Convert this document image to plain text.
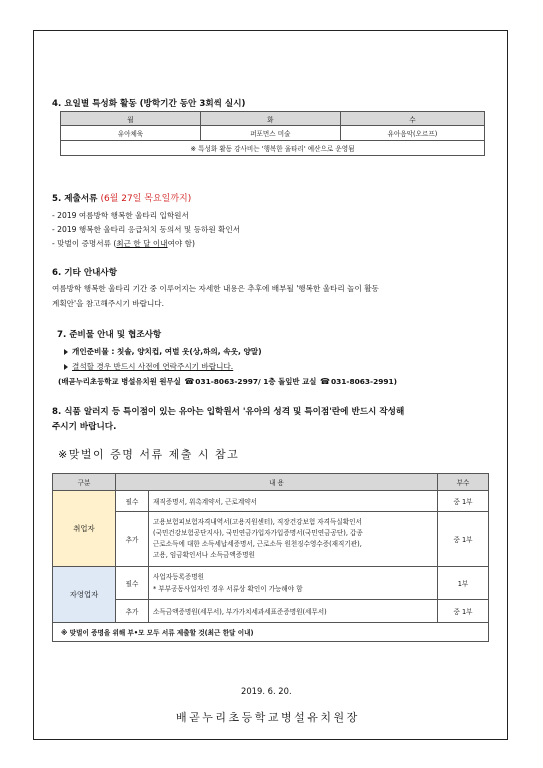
4. 요일별 특성화 활동 (방학기간 동안 3회씩 실시)
월	화	수
유아체육	퍼포먼스 미술	유아음악(오르프)
※ 특성화 활동 강사비는 '행복한 울타리' 예산으로 운영됨		
5. 제출서류 (6월 27일 목요일까지)
- 2019 여름방학 행복한 울타리 입학원서
- 2019 행복한 울타리 응급처치 동의서 및 등하원 확인서
- 맞벌이 증명서류 (최근 한 달 이내여야 함)
6. 기타 안내사항
여름방학 행복한 울타리 기간 중 이루어지는 자세한 내용은 추후에 배부될 '행복한 울타리 놀이 활동
계획안'을 참고해주시기 바랍니다.
7. 준비물 안내 및 협조사항
개인준비물 : 칫솔, 양치컵, 여벌 옷(상,하의, 속옷, 양말)
결석할 경우 반드시 사전에 연락주시기 바랍니다.
(배곧누리초등학교 병설유치원 원무실 ☎031-8063-2997/ 1층 돌잎반 교실 ☎031-8063-2991)
8. 식품 알러지 등 특이점이 있는 유아는 입학원서 '유아의 성격 및 특이점'란에 반드시 작성해
주시기 바랍니다.
※맞벌이 증명 서류 제출 시 참고
구분	내 용		부수
취업자	필수	재직증명서, 위촉계약서, 근로계약서	중 1부
	추가	고용보험피보험자격내역서(고용지원센터), 직장건강보험 자격득실확인서
(국민건강보험공단지사), 국민연금가입자가입증명서(국민연금공단), 갑종
근로소득에 대한 소득세납세증명서, 근로소득 원천징수영수증(재직기관),
고용, 임금확인서나 소득금액증명원	중 1부
자영업자	필수	사업자등록증명원
* 부부공동사업자인 경우 서류상 확인이 가능해야 함	1부
	추가	소득금액증명원(세무서), 부가가치세과세표준증명원(세무서)	중 1부
※ 맞벌이 증명을 위해 부•모 모두 서류 제출할 것(최근 한달 이내)			
2019. 6. 20.
배곧누리초등학교병설유치원장
